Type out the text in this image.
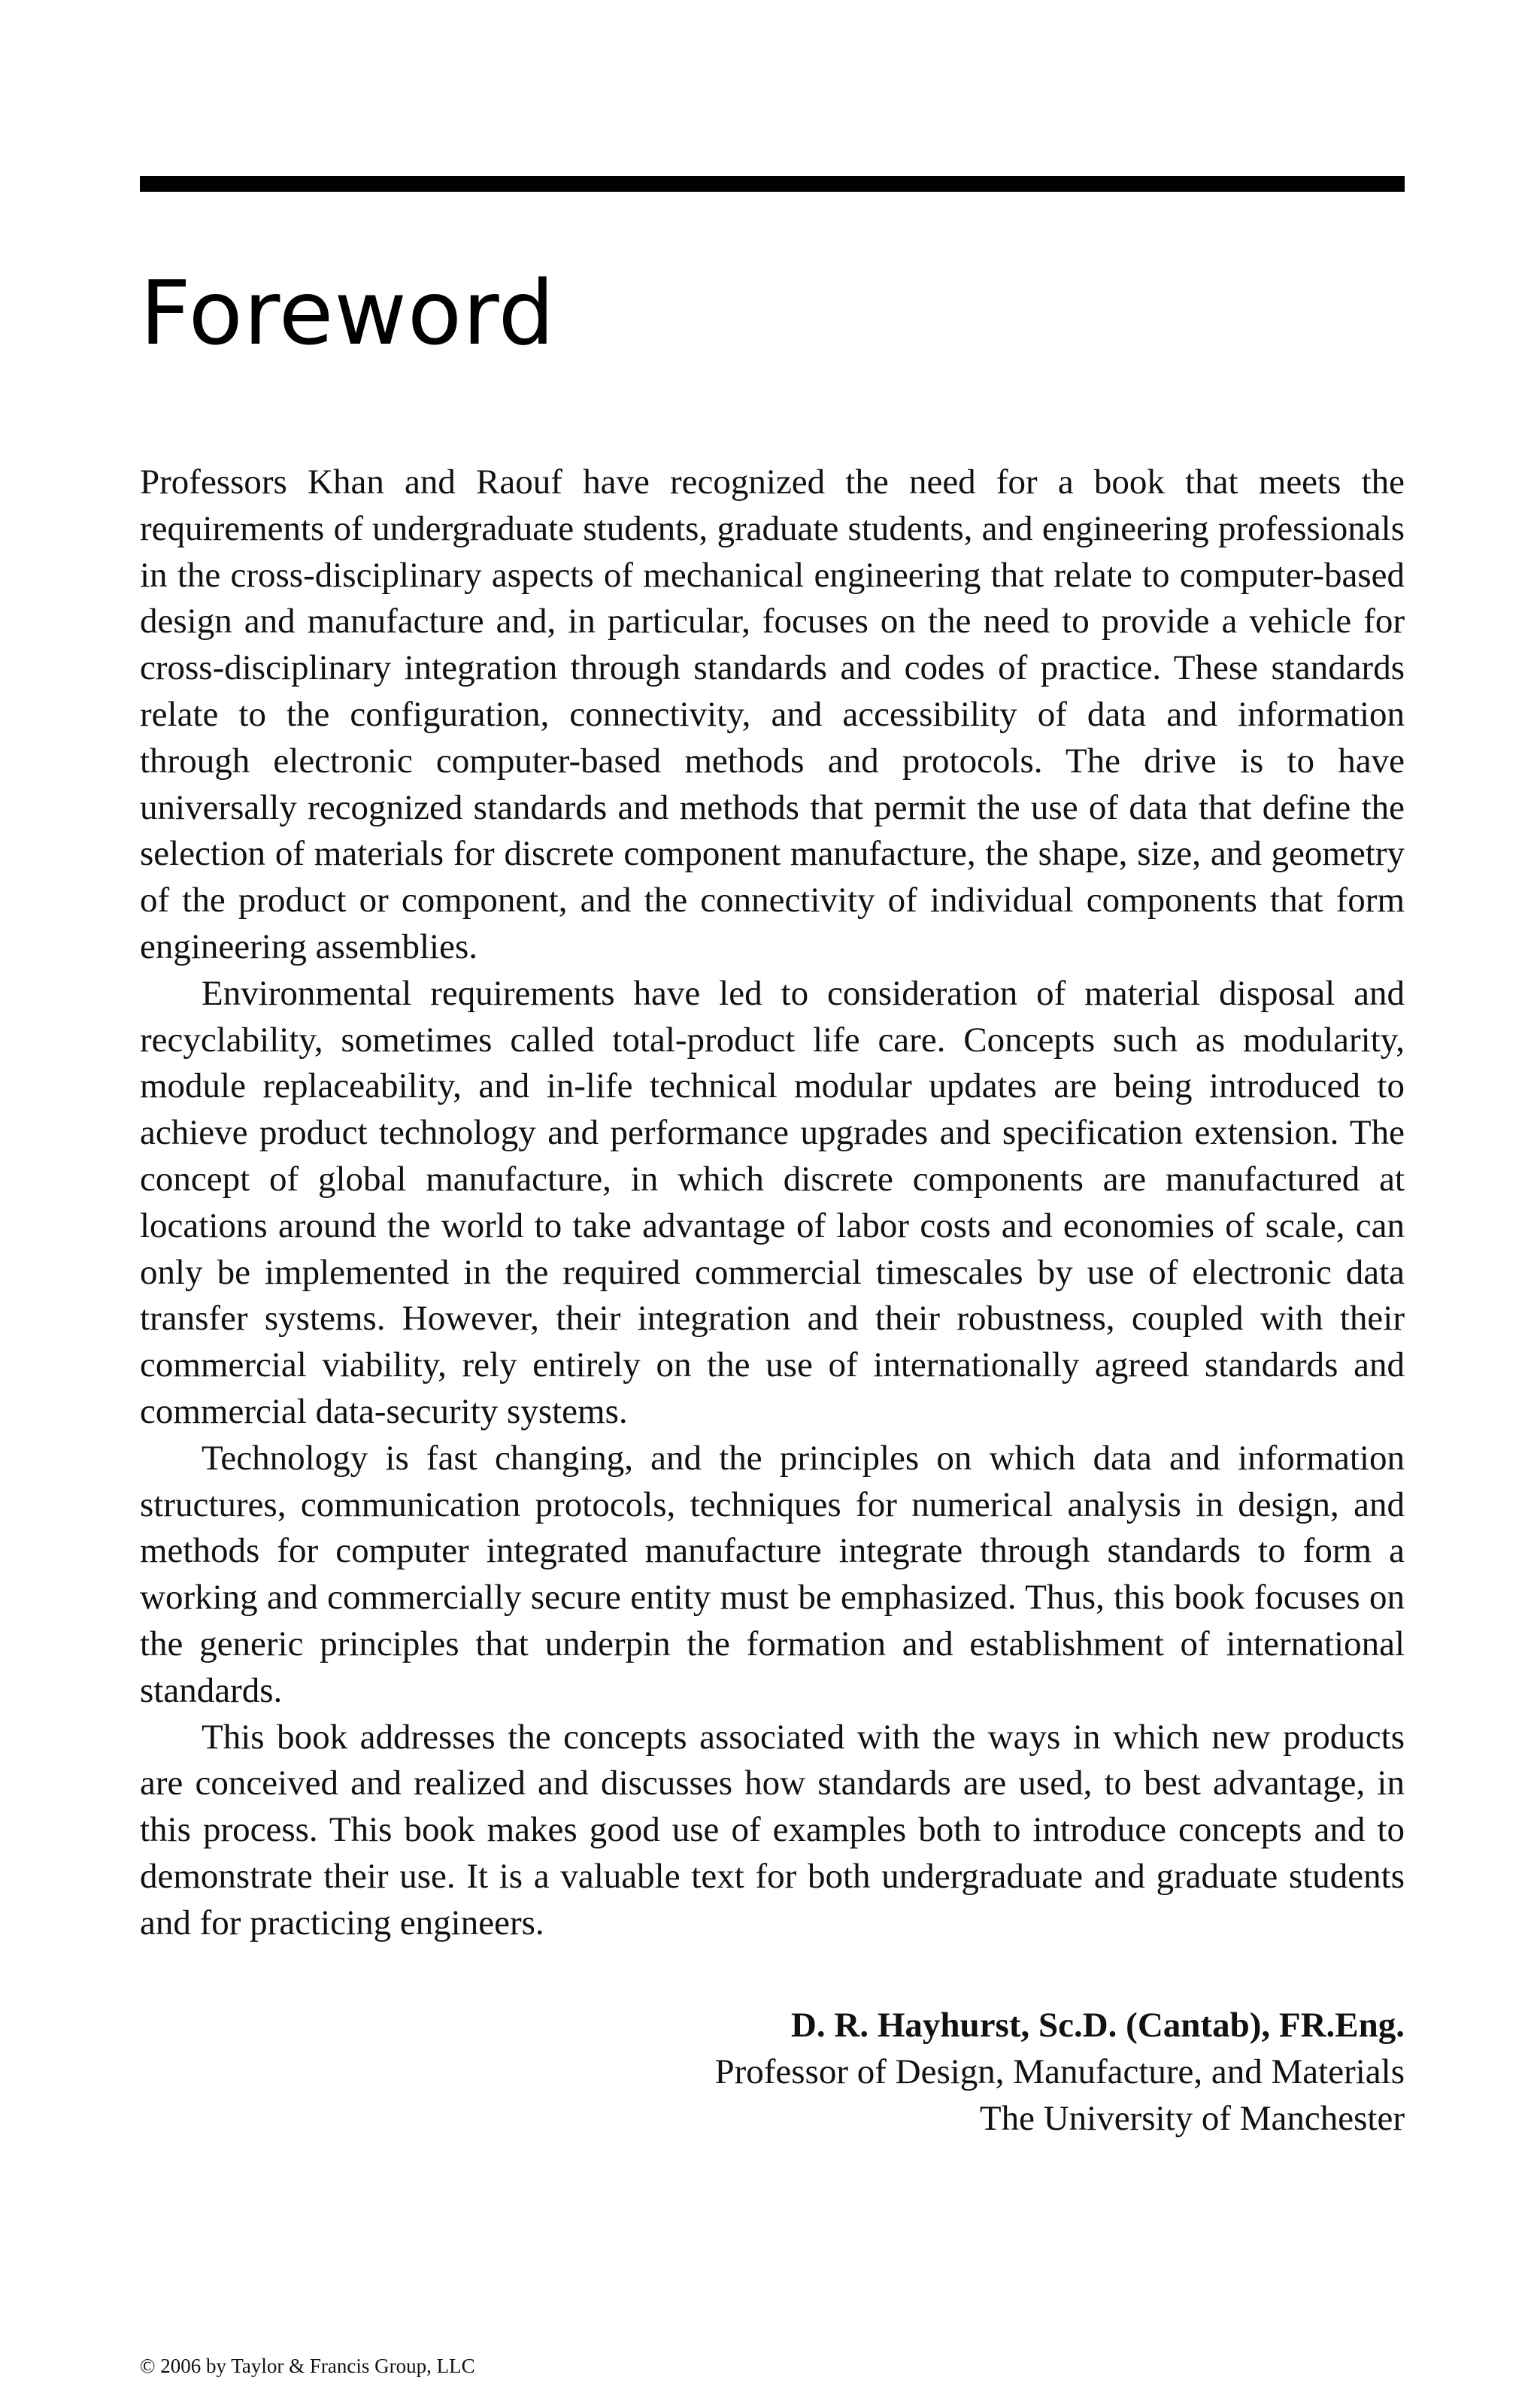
Foreword

Professors Khan and Raouf have recognized the need for a book that meets the requirements of undergraduate students, graduate students, and engineering professionals in the cross-disciplinary aspects of mechanical engineering that relate to computer-based design and manufacture and, in particular, focuses on the need to provide a vehicle for cross-disciplinary integration through standards and codes of practice. These standards relate to the configuration, connectivity, and accessibility of data and information through electronic computer-based methods and protocols. The drive is to have universally recognized standards and methods that permit the use of data that define the selection of materials for discrete component manufacture, the shape, size, and geometry of the product or component, and the connectivity of individual components that form engineering assemblies.

Environmental requirements have led to consideration of material disposal and recyclability, sometimes called total-product life care. Concepts such as modularity, module replaceability, and in-life technical modular updates are being introduced to achieve product technology and performance upgrades and specification extension. The concept of global manufacture, in which discrete components are manufactured at locations around the world to take advantage of labor costs and economies of scale, can only be implemented in the required commercial timescales by use of electronic data transfer systems. However, their integration and their robustness, coupled with their commercial viability, rely entirely on the use of internationally agreed standards and commercial data-security systems.

Technology is fast changing, and the principles on which data and information structures, communication protocols, techniques for numerical analysis in design, and methods for computer integrated manufacture integrate through standards to form a working and commercially secure entity must be emphasized. Thus, this book focuses on the generic principles that underpin the formation and establishment of international standards.

This book addresses the concepts associated with the ways in which new products are conceived and realized and discusses how standards are used, to best advantage, in this process. This book makes good use of examples both to introduce concepts and to demonstrate their use. It is a valuable text for both undergraduate and graduate students and for practicing engineers.

D. R. Hayhurst, Sc.D. (Cantab), FR.Eng.
Professor of Design, Manufacture, and Materials
The University of Manchester
© 2006 by Taylor & Francis Group, LLC
